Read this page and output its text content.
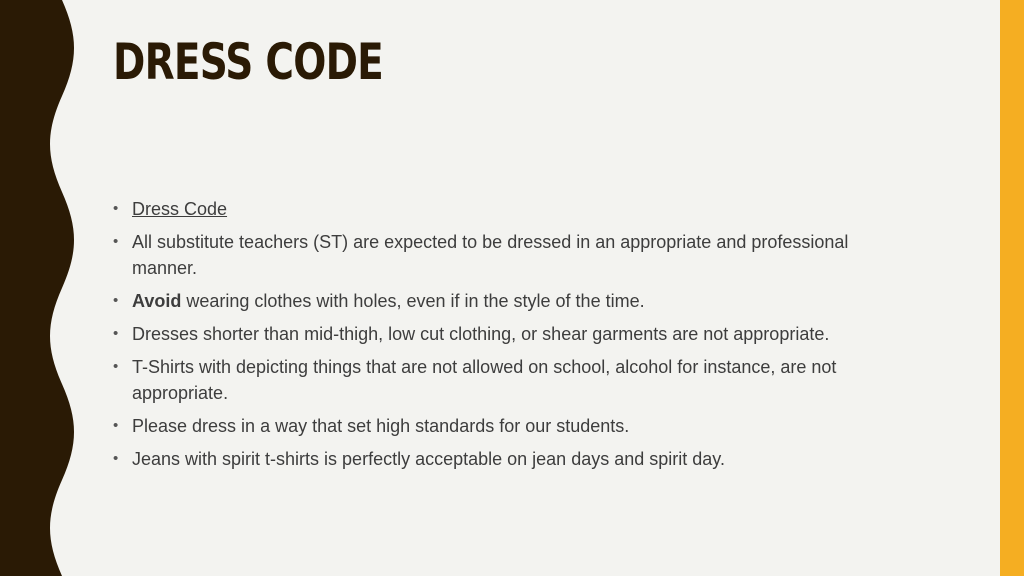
DRESS CODE
• Dress Code
• All substitute teachers (ST) are expected to be dressed in an appropriate and professional manner.
• Avoid wearing clothes with holes, even if in the style of the time.
• Dresses shorter than mid-thigh, low cut clothing, or shear garments are not appropriate.
• T-Shirts with depicting things that are not allowed on school, alcohol for instance, are not appropriate.
• Please dress in a way that set high standards for our students.
• Jeans with spirit t-shirts is perfectly acceptable on jean days and spirit day.
